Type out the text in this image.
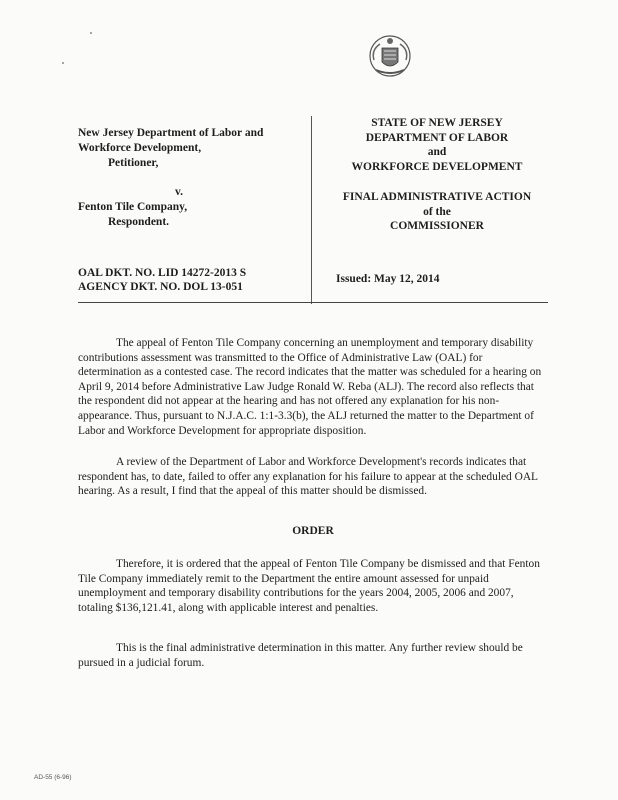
New Jersey Department of Labor and
Workforce Development,
Petitioner,
v.
Fenton Tile Company,
Respondent.
STATE OF NEW JERSEY
DEPARTMENT OF LABOR
and
WORKFORCE DEVELOPMENT
FINAL ADMINISTRATIVE ACTION
of the
COMMISSIONER
OAL DKT. NO. LID 14272-2013 S
AGENCY DKT. NO. DOL 13-051
Issued: May 12, 2014

The appeal of Fenton Tile Company concerning an unemployment and temporary disability contributions assessment was transmitted to the Office of Administrative Law (OAL) for determination as a contested case. The record indicates that the matter was scheduled for a hearing on April 9, 2014 before Administrative Law Judge Ronald W. Reba (ALJ). The record also reflects that the respondent did not appear at the hearing and has not offered any explanation for his non-appearance. Thus, pursuant to N.J.A.C. 1:1-3.3(b), the ALJ returned the matter to the Department of Labor and Workforce Development for appropriate disposition.

A review of the Department of Labor and Workforce Development's records indicates that respondent has, to date, failed to offer any explanation for his failure to appear at the scheduled OAL hearing. As a result, I find that the appeal of this matter should be dismissed.

ORDER

Therefore, it is ordered that the appeal of Fenton Tile Company be dismissed and that Fenton Tile Company immediately remit to the Department the entire amount assessed for unpaid unemployment and temporary disability contributions for the years 2004, 2005, 2006 and 2007, totaling $136,121.41, along with applicable interest and penalties.

This is the final administrative determination in this matter. Any further review should be pursued in a judicial forum.

AD-55 (6-96)
